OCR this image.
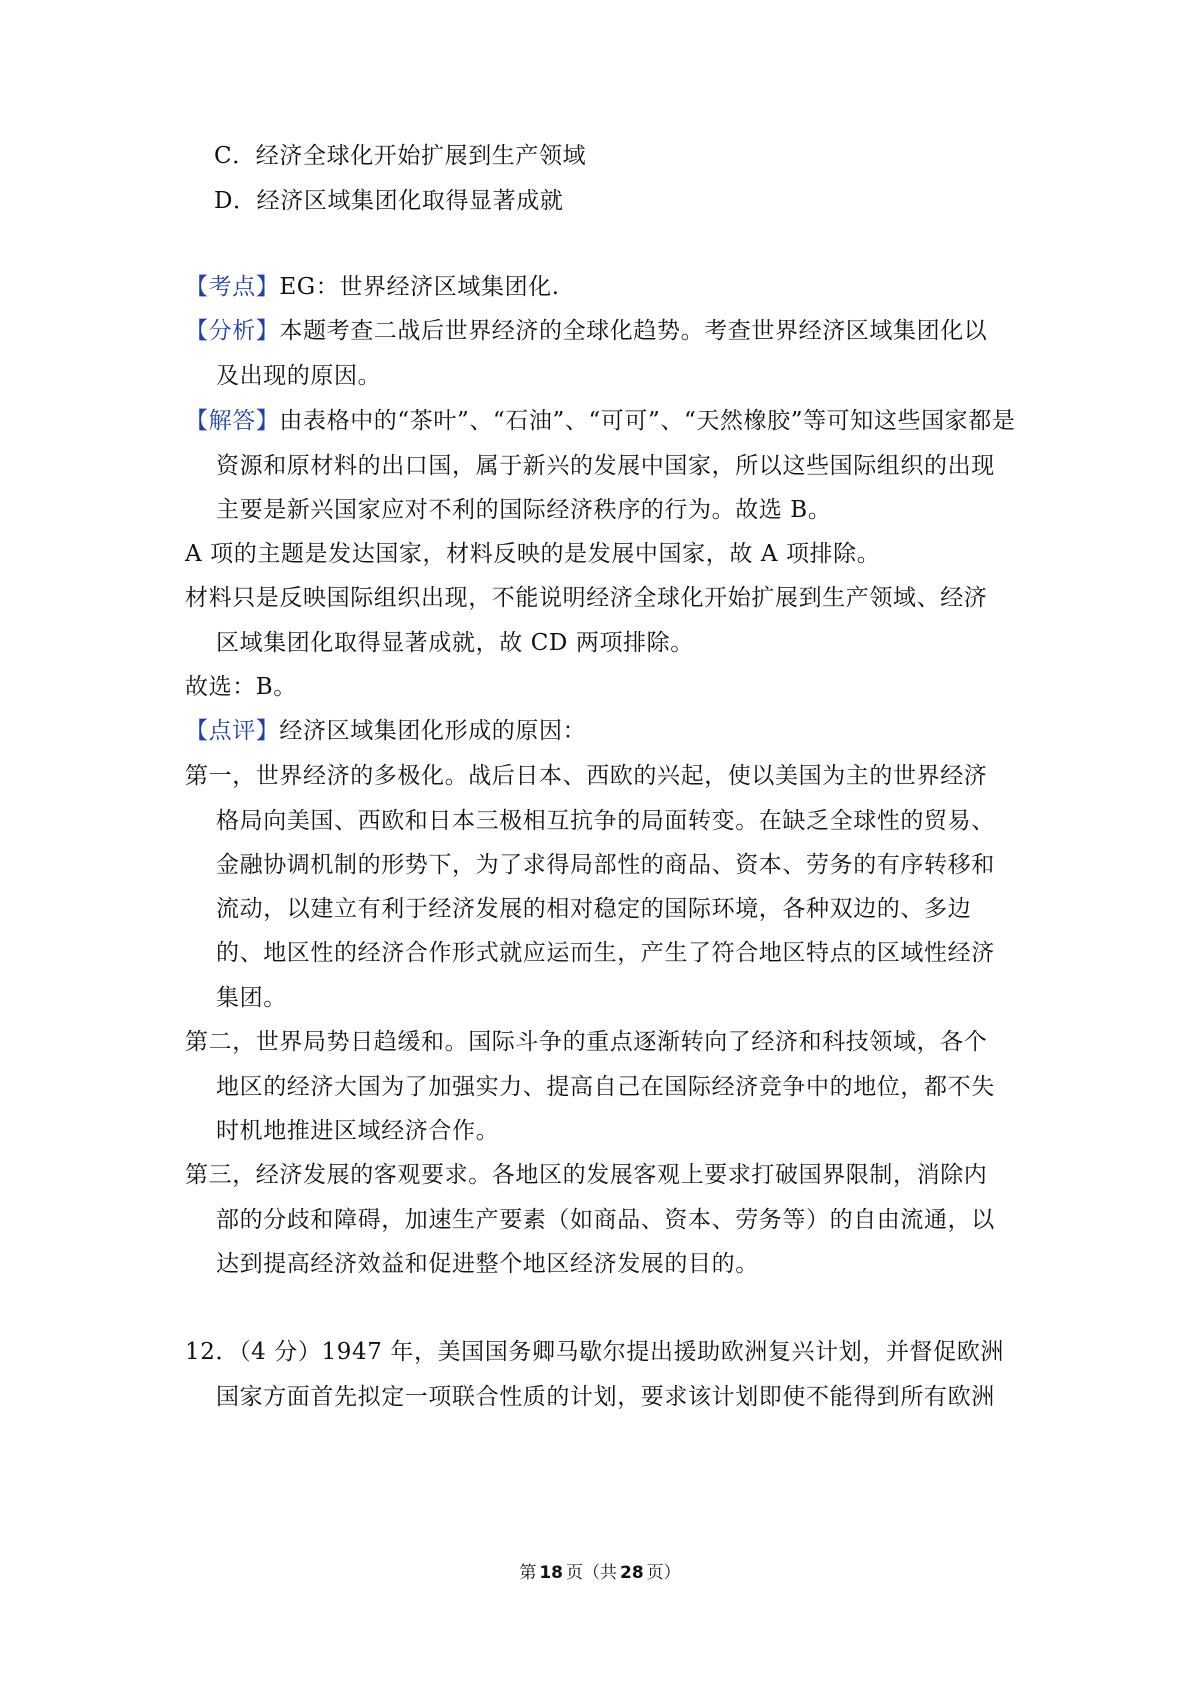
C．经济全球化开始扩展到生产领域
D．经济区域集团化取得显著成就
【考点】EG：世界经济区域集团化.
【分析】本题考查二战后世界经济的全球化趋势。考查世界经济区域集团化以
及出现的原因。
【解答】由表格中的“茶叶”、“石油”、“可可”、“天然橡胶”等可知这些国家都是
资源和原材料的出口国，属于新兴的发展中国家，所以这些国际组织的出现
主要是新兴国家应对不利的国际经济秩序的行为。故选 B。
A 项的主题是发达国家，材料反映的是发展中国家，故 A 项排除。
材料只是反映国际组织出现，不能说明经济全球化开始扩展到生产领域、经济
区域集团化取得显著成就，故 CD 两项排除。
故选：B。
【点评】经济区域集团化形成的原因：
第一，世界经济的多极化。战后日本、西欧的兴起，使以美国为主的世界经济
格局向美国、西欧和日本三极相互抗争的局面转变。在缺乏全球性的贸易、
金融协调机制的形势下，为了求得局部性的商品、资本、劳务的有序转移和
流动，以建立有利于经济发展的相对稳定的国际环境，各种双边的、多边
的、地区性的经济合作形式就应运而生，产生了符合地区特点的区域性经济
集团。
第二，世界局势日趋缓和。国际斗争的重点逐渐转向了经济和科技领域，各个
地区的经济大国为了加强实力、提高自己在国际经济竞争中的地位，都不失
时机地推进区域经济合作。
第三，经济发展的客观要求。各地区的发展客观上要求打破国界限制，消除内
部的分歧和障碍，加速生产要素（如商品、资本、劳务等）的自由流通，以
达到提高经济效益和促进整个地区经济发展的目的。
12．（4 分）1947 年，美国国务卿马歇尔提出援助欧洲复兴计划，并督促欧洲
国家方面首先拟定一项联合性质的计划，要求该计划即使不能得到所有欧洲
第 18 页（共 28 页）
